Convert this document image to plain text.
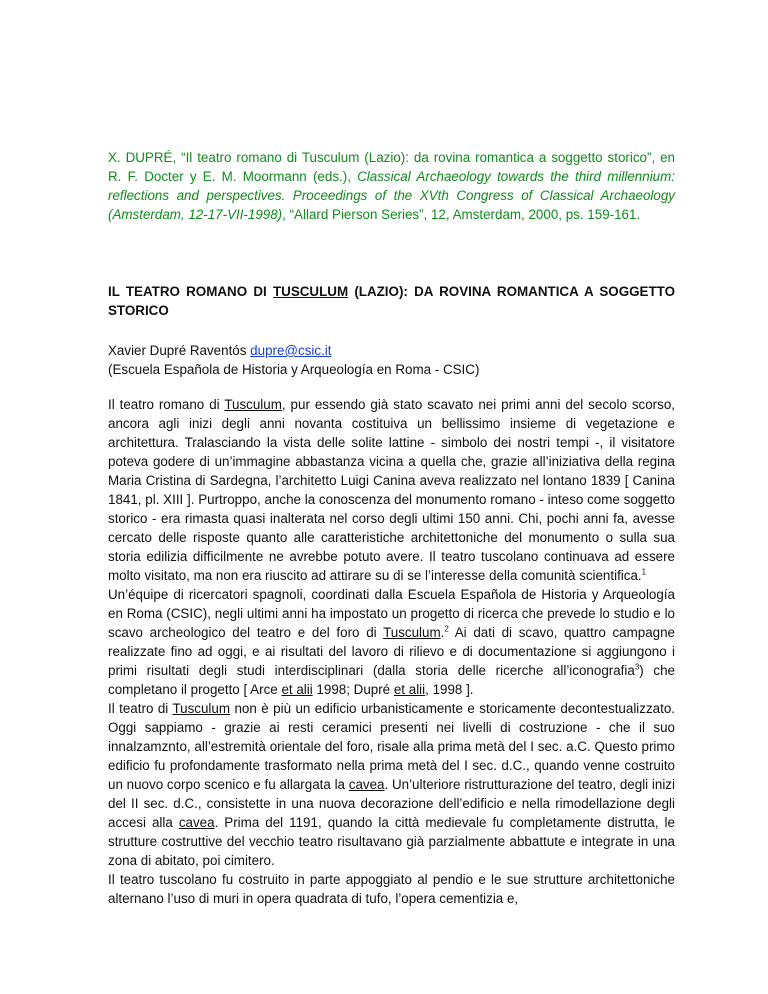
X. DUPRÉ, “Il teatro romano di Tusculum (Lazio): da rovina romantica a soggetto storico”, en R. F. Docter y E. M. Moormann (eds.), Classical Archaeology towards the third millennium: reflections and perspectives. Proceedings of the XVth Congress of Classical Archaeology (Amsterdam, 12-17-VII-1998), “Allard Pierson Series”, 12, Amsterdam, 2000, ps. 159-161.

IL TEATRO ROMANO DI TUSCULUM (LAZIO): DA ROVINA ROMANTICA A SOGGETTO STORICO

Xavier Dupré Raventós dupre@csic.it
(Escuela Española de Historia y Arqueología en Roma - CSIC)

Il teatro romano di Tusculum, pur essendo già stato scavato nei primi anni del secolo scorso, ancora agli inizi degli anni novanta costituiva un bellissimo insieme di vegetazione e architettura. Tralasciando la vista delle solite lattine - simbolo dei nostri tempi -, il visitatore poteva godere di un’immagine abbastanza vicina a quella che, grazie all’iniziativa della regina Maria Cristina di Sardegna, l’architetto Luigi Canina aveva realizzato nel lontano 1839 [ Canina 1841, pl. XIII ]. Purtroppo, anche la conoscenza del monumento romano - inteso come soggetto storico - era rimasta quasi inalterata nel corso degli ultimi 150 anni. Chi, pochi anni fa, avesse cercato delle risposte quanto alle caratteristiche architettoniche del monumento o sulla sua storia edilizia difficilmente ne avrebbe potuto avere. Il teatro tuscolano continuava ad essere molto visitato, ma non era riuscito ad attirare su di se l’interesse della comunità scientifica.$^1$

Un’équipe di ricercatori spagnoli, coordinati dalla Escuela Española de Historia y Arqueología en Roma (CSIC), negli ultimi anni ha impostato un progetto di ricerca che prevede lo studio e lo scavo archeologico del teatro e del foro di Tusculum.$^2$ Ai dati di scavo, quattro campagne realizzate fino ad oggi, e ai risultati del lavoro di rilievo e di documentazione si aggiungono i primi risultati degli studi interdisciplinari (dalla storia delle ricerche all’iconografia$^3$) che completano il progetto [ Arce et alii 1998; Dupré et alii, 1998 ].

Il teatro di Tusculum non è più un edificio urbanisticamente e storicamente decontestualizzato. Oggi sappiamo - grazie ai resti ceramici presenti nei livelli di costruzione - che il suo innalzamznto, all’estremità orientale del foro, risale alla prima metà del I sec. a.C. Questo primo edificio fu profondamente trasformato nella prima metà del I sec. d.C., quando venne costruito un nuovo corpo scenico e fu allargata la cavea. Un’ulteriore ristrutturazione del teatro, degli inizi del II sec. d.C., consistette in una nuova decorazione dell’edificio e nella rimodellazione degli accesi alla cavea. Prima del 1191, quando la città medievale fu completamente distrutta, le strutture costruttive del vecchio teatro risultavano già parzialmente abbattute e integrate in una zona di abitato, poi cimitero.

Il teatro tuscolano fu costruito in parte appoggiato al pendio e le sue strutture architettoniche alternano l’uso di muri in opera quadrata di tufo, l’opera cementizia e,
